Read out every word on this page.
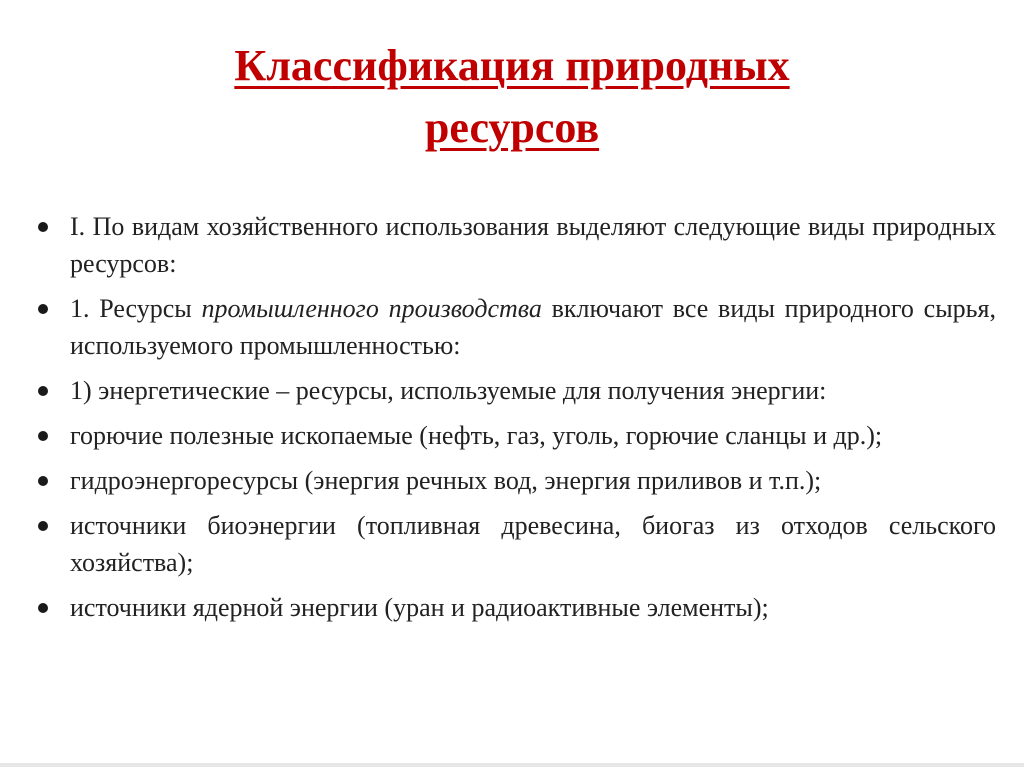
Классификация природных
ресурсов
I. По видам хозяйственного использования выделяют следующие виды природных ресурсов:
1. Ресурсы промышленного производства включают все виды природного сырья, используемого промышленностью:
1) энергетические – ресурсы, используемые для получения энергии:
горючие полезные ископаемые (нефть, газ, уголь, горючие сланцы и др.);
гидроэнергоресурсы (энергия речных вод, энергия приливов и т.п.);
источники биоэнергии (топливная древесина, биогаз из отходов сельского хозяйства);
источники ядерной энергии (уран и радиоактивные элементы);
